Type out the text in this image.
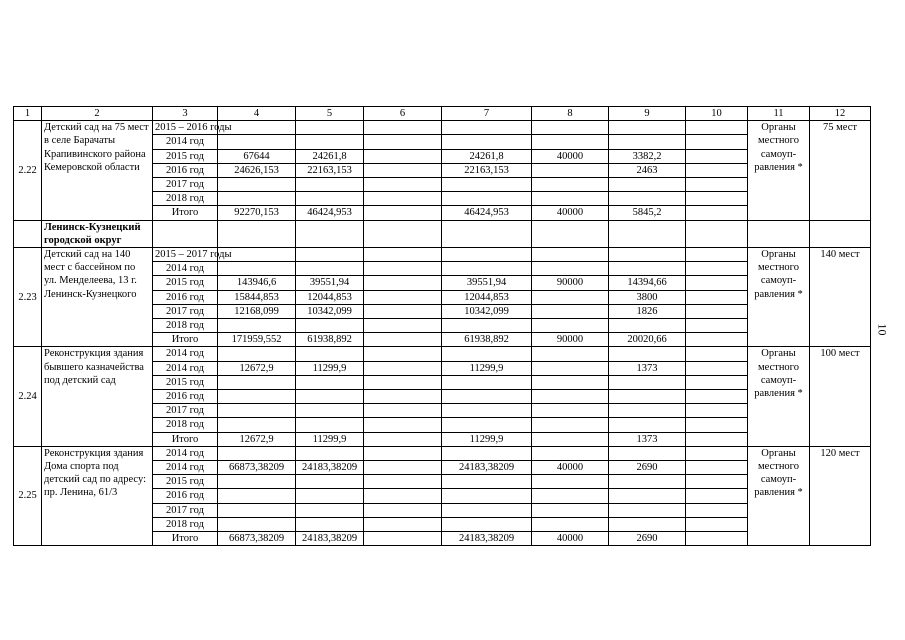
1	2	3	4	5	6	7	8	9	10	11	12
2.22	Детский сад на 75 мест в селе Барачаты Крапивинского района Кемеровской области	2015 – 2016 годы								Органы местного самоуп-равления *	75 мест
		2014 год									
		2015 год	67644	24261,8		24261,8	40000	3382,2			
		2016 год	24626,153	22163,153		22163,153		2463			
		2017 год									
		2018 год									
		Итого	92270,153	46424,953		46424,953	40000	5845,2			
	Ленинск-Кузнецкий городской округ										
2.23	Детский сад на 140 мест с бассейном по ул. Менделеева, 13 г. Ленинск-Кузнецкого	2015 – 2017 годы								Органы местного самоуп-равления *	140 мест
		2014 год									
		2015 год	143946,6	39551,94		39551,94	90000	14394,66			
		2016 год	15844,853	12044,853		12044,853		3800			
		2017 год	12168,099	10342,099		10342,099		1826			
		2018 год									
		Итого	171959,552	61938,892		61938,892	90000	20020,66			
2.24	Реконструкция здания бывшего казначейства под детский сад	2014 год								Органы местного самоуп-равления *	100 мест
		2014 год	12672,9	11299,9		11299,9		1373			
		2015 год									
		2016 год									
		2017 год									
		2018 год									
		Итого	12672,9	11299,9		11299,9		1373			
2.25	Реконструкция здания Дома спорта под детский сад по адресу: пр. Ленина, 61/3	2014 год								Органы местного самоуп-равления *	120 мест
		2014 год	66873,38209	24183,38209		24183,38209	40000	2690			
		2015 год									
		2016 год									
		2017 год									
		2018 год									
		Итого	66873,38209	24183,38209		24183,38209	40000	2690			
10
